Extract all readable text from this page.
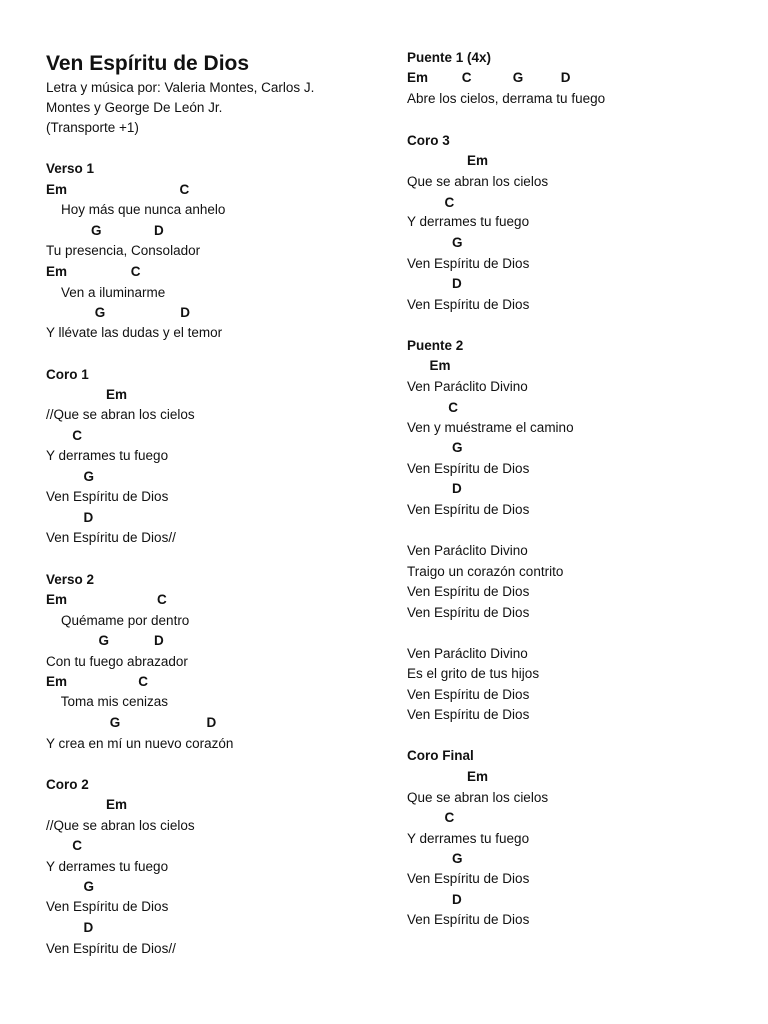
Ven Espíritu de Dios
Letra y música por: Valeria Montes, Carlos J.
Montes y George De León Jr.
(Transporte +1)
Verso 1
Em                              C
Hoy más que nunca anhelo
G              D
Tu presencia, Consolador
Em                 C
Ven a iluminarme
G                    D
Y llévate las dudas y el temor
Coro 1
Em
//Que se abran los cielos
C
Y derrames tu fuego
G
Ven Espíritu de Dios
D
Ven Espíritu de Dios//
Verso 2
Em                        C
Quémame por dentro
G            D
Con tu fuego abrazador
Em                   C
Toma mis cenizas
G                       D
Y crea en mí un nuevo corazón
Coro 2
Em
//Que se abran los cielos
C
Y derrames tu fuego
G
Ven Espíritu de Dios
D
Ven Espíritu de Dios//
Puente 1 (4x)
Em         C           G          D
Abre los cielos, derrama tu fuego
Coro 3
Em
Que se abran los cielos
C
Y derrames tu fuego
G
Ven Espíritu de Dios
D
Ven Espíritu de Dios
Puente 2
Em
Ven Paráclito Divino
C
Ven y muéstrame el camino
G
Ven Espíritu de Dios
D
Ven Espíritu de Dios
Ven Paráclito Divino
Traigo un corazón contrito
Ven Espíritu de Dios
Ven Espíritu de Dios
Ven Paráclito Divino
Es el grito de tus hijos
Ven Espíritu de Dios
Ven Espíritu de Dios
Coro Final
Em
Que se abran los cielos
C
Y derrames tu fuego
G
Ven Espíritu de Dios
D
Ven Espíritu de Dios
